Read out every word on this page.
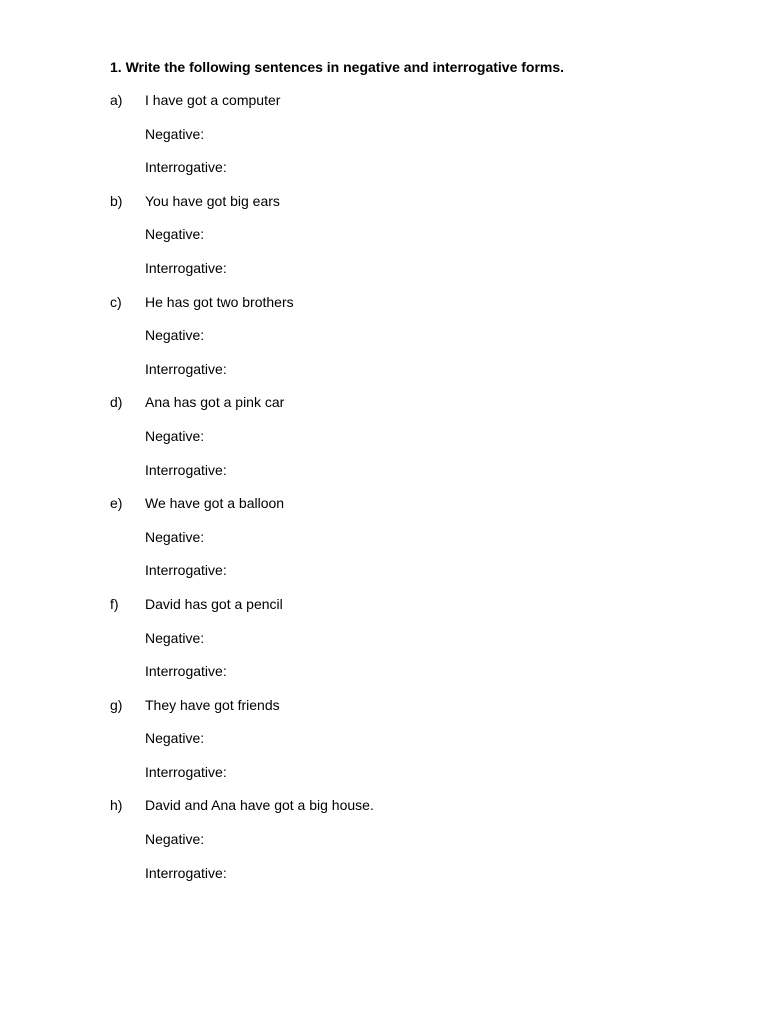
1. Write the following sentences in negative and interrogative forms.
a) I have got a computer
Negative:
Interrogative:
b) You have got big ears
Negative:
Interrogative:
c) He has got two brothers
Negative:
Interrogative:
d) Ana has got a pink car
Negative:
Interrogative:
e) We have got a balloon
Negative:
Interrogative:
f) David has got a pencil
Negative:
Interrogative:
g) They have got friends
Negative:
Interrogative:
h) David and Ana have got a big house.
Negative:
Interrogative:
